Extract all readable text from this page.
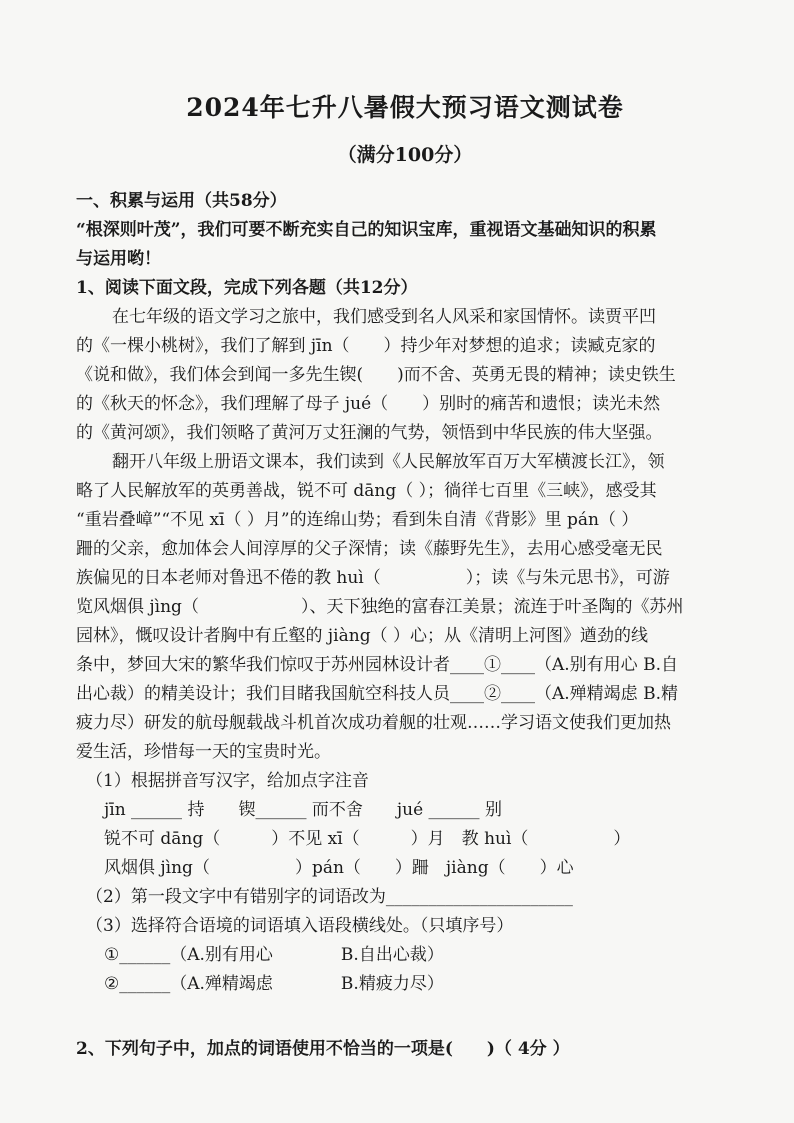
2024年七升八暑假大预习语文测试卷
（满分100分）
一、积累与运用（共58分）
“根深则叶茂”，我们可要不断充实自己的知识宝库，重视语文基础知识的积累
与运用哟！
1、阅读下面文段，完成下列各题（共12分）
在七年级的语文学习之旅中，我们感受到名人风采和家国情怀。读贾平凹
的《一棵小桃树》，我们了解到 jīn（　　）持少年对梦想的追求；读臧克家的
《说和做》，我们体会到闻一多先生锲(　　)而不舍、英勇无畏的精神；读史铁生
的《秋天的怀念》，我们理解了母子 jué（　　）别时的痛苦和遗恨；读光未然
的《黄河颂》，我们领略了黄河万丈狂澜的气势，领悟到中华民族的伟大坚强。
翻开八年级上册语文课本，我们读到《人民解放军百万大军横渡长江》，领
略了人民解放军的英勇善战，锐不可 dāng（ ）；徜徉七百里《三峡》，感受其
“重岩叠嶂”“不见 xī（ ）月”的连绵山势；看到朱自清《背影》里 pán（ ）
跚的父亲，愈加体会人间淳厚的父子深情；读《藤野先生》，去用心感受毫无民
族偏见的日本老师对鲁迅不倦的教 huì（　　　　　）；读《与朱元思书》，可游
览风烟俱 jìng（　　　　　　）、天下独绝的富春江美景；流连于叶圣陶的《苏州
园林》，慨叹设计者胸中有丘壑的 jiàng（ ）心；从《清明上河图》遒劲的线
条中，梦回大宋的繁华我们惊叹于苏州园林设计者____①____（A.别有用心 B.自
出心裁）的精美设计；我们目睹我国航空科技人员____②____（A.殚精竭虑 B.精
疲力尽）研发的航母舰载战斗机首次成功着舰的壮观……学习语文使我们更加热
爱生活，珍惜每一天的宝贵时光。
（1）根据拼音写汉字，给加点字注音
jīn ______ 持　　锲______ 而不舍　　jué ______ 别
锐不可 dāng（　　　）不见 xī（　　　）月　教 huì（　　　　　）
风烟俱 jìng（　　　　　）pán（　　）跚　jiàng（　　）心
（2）第一段文字中有错别字的词语改为______________________
（3）选择符合语境的词语填入语段横线处。（只填序号）
①______（A.别有用心　　　　B.自出心裁）
②______（A.殚精竭虑　　　　B.精疲力尽）
2、下列句子中，加点的词语使用不恰当的一项是(　　)（ 4分 ）
